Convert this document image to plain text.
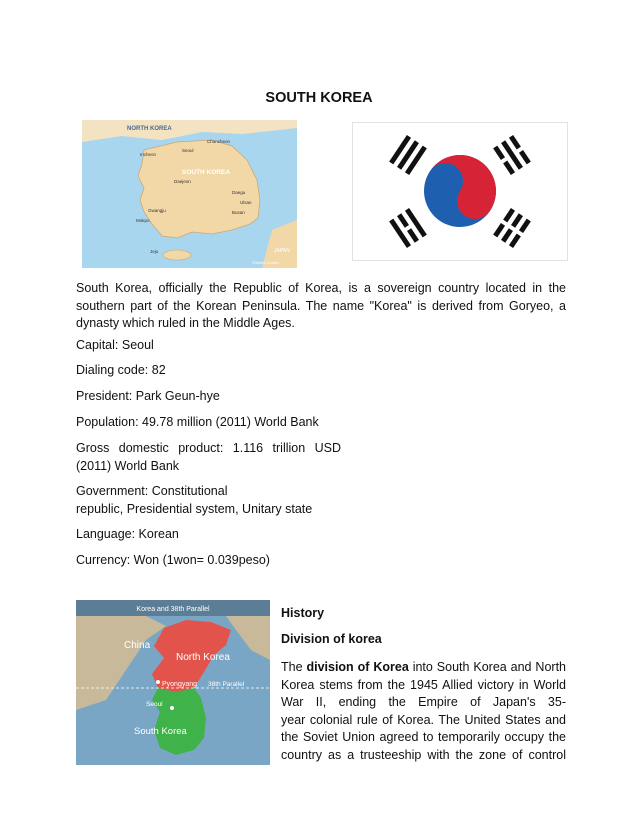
SOUTH KOREA
NORTH KOREA
SOUTH KOREA
JAPAN
©World Guides
Chuncheon
Incheon
Seoul
Daejeon
Daegu
Ulsan
Gwangju	Busan
Mokpo
Jeju
South Korea, officially the Republic of Korea, is a sovereign country located in the
southern part of the Korean Peninsula. The name "Korea" is derived from Goryeo, a
dynasty which ruled in the Middle Ages.
Capital: Seoul
Dialing code: 82
President: Park Geun-hye
Population: 49.78 million (2011) World Bank
Gross domestic product: 1.116 trillion USD
(2011) World Bank
Government: Constitutional
republic, Presidential system, Unitary state
Language: Korean
Currency: Won (1won= 0.039peso)
Korea and 38th Parallel
China
North Korea
Pyongyang 38th Parallel
Seoul
South Korea
History
Division of korea
The division of Korea into South Korea and North
Korea stems from the 1945 Allied victory in World
War II, ending the Empire of Japan's 35-
year colonial rule of Korea. The United States and
the Soviet Union agreed to temporarily occupy the
country as a trusteeship with the zone of control
